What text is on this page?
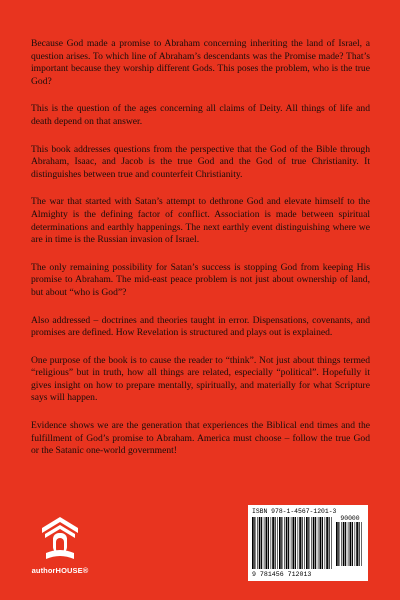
Because God made a promise to Abraham concerning inheriting the land of Israel, a question arises. To which line of Abraham’s descendants was the Promise made? That’s important because they worship different Gods. This poses the problem, who is the true God?

This is the question of the ages concerning all claims of Deity. All things of life and death depend on that answer.

This book addresses questions from the perspective that the God of the Bible through Abraham, Isaac, and Jacob is the true God and the God of true Christianity. It distinguishes between true and counterfeit Christianity.

The war that started with Satan’s attempt to dethrone God and elevate himself to the Almighty is the defining factor of conflict. Association is made between spiritual determinations and earthly happenings. The next earthly event distinguishing where we are in time is the Russian invasion of Israel.

The only remaining possibility for Satan’s success is stopping God from keeping His promise to Abraham. The mid-east peace problem is not just about ownership of land, but about “who is God”?

Also addressed – doctrines and theories taught in error. Dispensations, covenants, and promises are defined. How Revelation is structured and plays out is explained.

One purpose of the book is to cause the reader to “think”. Not just about things termed “religious” but in truth, how all things are related, especially “political”. Hopefully it gives insight on how to prepare mentally, spiritually, and materially for what Scripture says will happen.

Evidence shows we are the generation that experiences the Biblical end times and the fulfillment of God’s promise to Abraham. America must choose – follow the true God or the Satanic one-world government!

authorHOUSE®
ISBN 978-1-4567-1201-3
90000
9 781456 712013
